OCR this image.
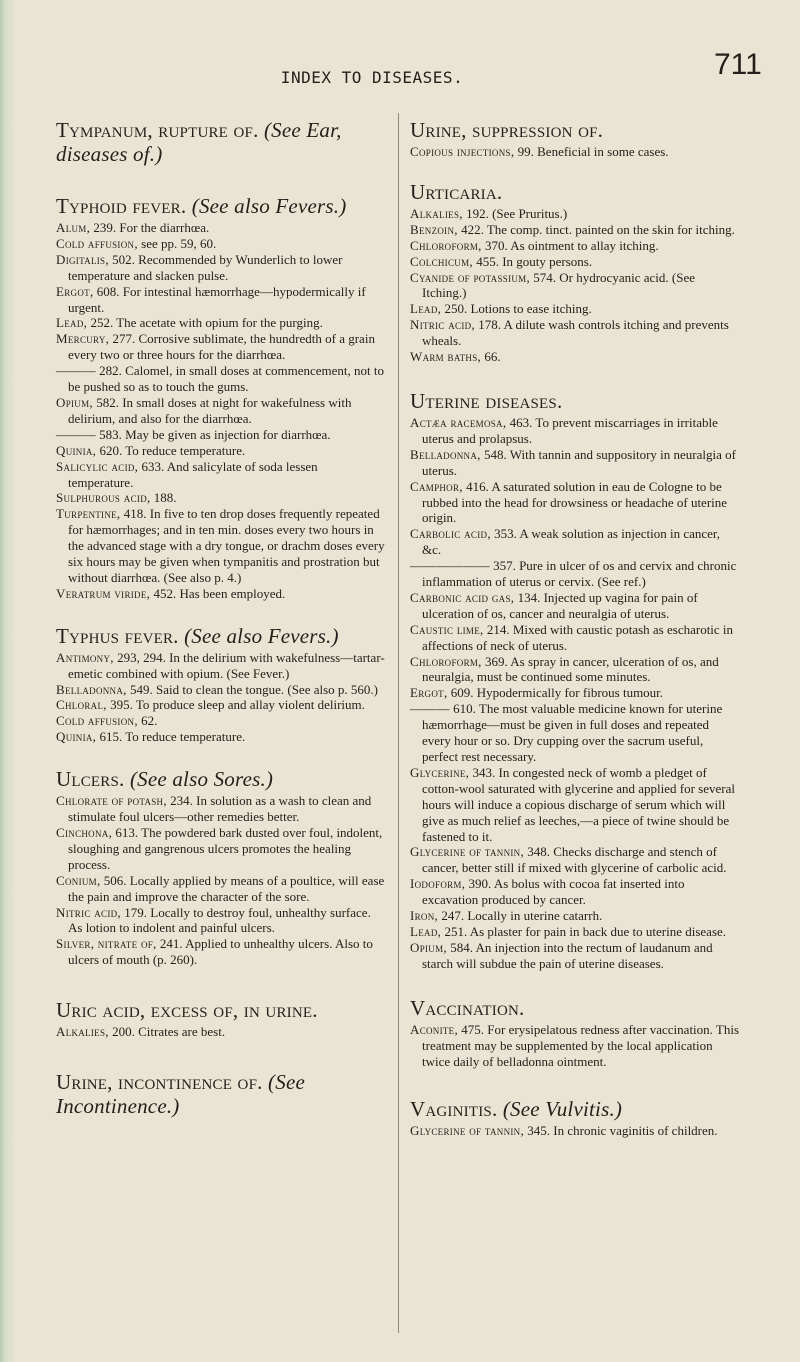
INDEX TO DISEASES.	711
Tympanum, rupture of. (See Ear, diseases of.)
Typhoid fever. (See also Fevers.)

Alum, 239. For the diarrhœa.

Cold affusion, see pp. 59, 60.

Digitalis, 502. Recommended by Wunderlich to lower temperature and slacken pulse.

Ergot, 608. For intestinal hæmorrhage—hypodermically if urgent.

Lead, 252. The acetate with opium for the purging.

Mercury, 277. Corrosive sublimate, the hundredth of a grain every two or three hours for the diarrhœa.

——— 282. Calomel, in small doses at commencement, not to be pushed so as to touch the gums.

Opium, 582. In small doses at night for wakefulness with delirium, and also for the diarrhœa.

——— 583. May be given as injection for diarrhœa.

Quinia, 620. To reduce temperature.

Salicylic acid, 633. And salicylate of soda lessen temperature.

Sulphurous acid, 188.

Turpentine, 418. In five to ten drop doses frequently repeated for hæmorrhages; and in ten min. doses every two hours in the advanced stage with a dry tongue, or drachm doses every six hours may be given when tympanitis and prostration but without diarrhœa. (See also p. 4.)

Veratrum viride, 452. Has been employed.

Typhus fever. (See also Fevers.)

Antimony, 293, 294. In the delirium with wakefulness—tartar-emetic combined with opium. (See Fever.)

Belladonna, 549. Said to clean the tongue. (See also p. 560.)

Chloral, 395. To produce sleep and allay violent delirium.

Cold affusion, 62.

Quinia, 615. To reduce temperature.

Ulcers. (See also Sores.)

Chlorate of potash, 234. In solution as a wash to clean and stimulate foul ulcers—other remedies better.

Cinchona, 613. The powdered bark dusted over foul, indolent, sloughing and gangrenous ulcers promotes the healing process.

Conium, 506. Locally applied by means of a poultice, will ease the pain and improve the character of the sore.

Nitric acid, 179. Locally to destroy foul, unhealthy surface. As lotion to indolent and painful ulcers.

Silver, nitrate of, 241. Applied to unhealthy ulcers. Also to ulcers of mouth (p. 260).

Uric acid, excess of, in urine.

Alkalies, 200. Citrates are best.

Urine, incontinence of. (See Incontinence.)
Urine, suppression of.

Copious injections, 99. Beneficial in some cases.

Urticaria.

Alkalies, 192. (See Pruritus.)

Benzoin, 422. The comp. tinct. painted on the skin for itching.

Chloroform, 370. As ointment to allay itching.

Colchicum, 455. In gouty persons.

Cyanide of potassium, 574. Or hydrocyanic acid. (See Itching.)

Lead, 250. Lotions to ease itching.

Nitric acid, 178. A dilute wash controls itching and prevents wheals.

Warm baths, 66.

Uterine diseases.

Actæa racemosa, 463. To prevent miscarriages in irritable uterus and prolapsus.

Belladonna, 548. With tannin and suppository in neuralgia of uterus.

Camphor, 416. A saturated solution in eau de Cologne to be rubbed into the head for drowsiness or headache of uterine origin.

Carbolic acid, 353. A weak solution as injection in cancer, &c.

—————— 357. Pure in ulcer of os and cervix and chronic inflammation of uterus or cervix. (See ref.)

Carbonic acid gas, 134. Injected up vagina for pain of ulceration of os, cancer and neuralgia of uterus.

Caustic lime, 214. Mixed with caustic potash as escharotic in affections of neck of uterus.

Chloroform, 369. As spray in cancer, ulceration of os, and neuralgia, must be continued some minutes.

Ergot, 609. Hypodermically for fibrous tumour.

——— 610. The most valuable medicine known for uterine hæmorrhage—must be given in full doses and repeated every hour or so. Dry cupping over the sacrum useful, perfect rest necessary.

Glycerine, 343. In congested neck of womb a pledget of cotton-wool saturated with glycerine and applied for several hours will induce a copious discharge of serum which will give as much relief as leeches,—a piece of twine should be fastened to it.

Glycerine of tannin, 348. Checks discharge and stench of cancer, better still if mixed with glycerine of carbolic acid.

Iodoform, 390. As bolus with cocoa fat inserted into excavation produced by cancer.

Iron, 247. Locally in uterine catarrh.

Lead, 251. As plaster for pain in back due to uterine disease.

Opium, 584. An injection into the rectum of laudanum and starch will subdue the pain of uterine diseases.

Vaccination.

Aconite, 475. For erysipelatous redness after vaccination. This treatment may be supplemented by the local application twice daily of belladonna ointment.

Vaginitis. (See Vulvitis.)

Glycerine of tannin, 345. In chronic vaginitis of children.
